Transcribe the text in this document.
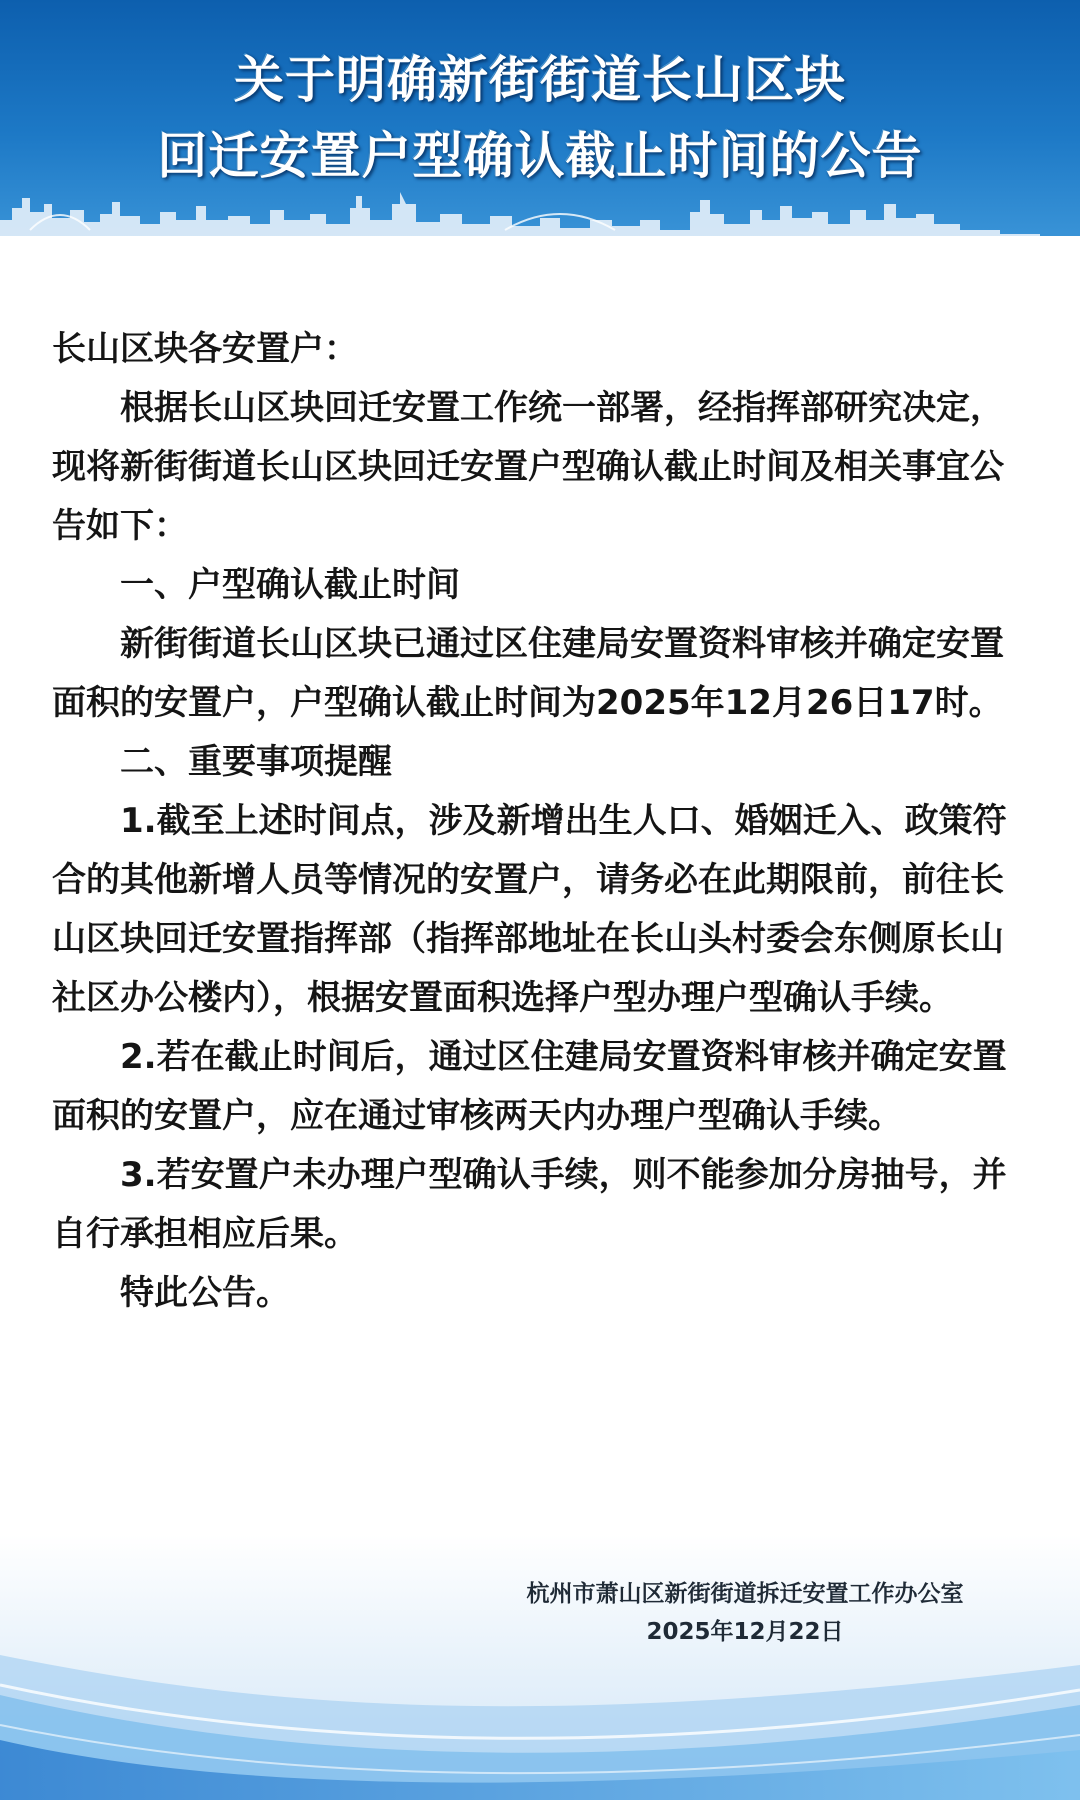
关于明确新街街道长山区块
回迁安置户型确认截止时间的公告

长山区块各安置户：

根据长山区块回迁安置工作统一部署，经指挥部研究决定，现将新街街道长山区块回迁安置户型确认截止时间及相关事宜公告如下：

一、户型确认截止时间

新街街道长山区块已通过区住建局安置资料审核并确定安置面积的安置户，户型确认截止时间为2025年12月26日17时。

二、重要事项提醒

1.截至上述时间点，涉及新增出生人口、婚姻迁入、政策符合的其他新增人员等情况的安置户，请务必在此期限前，前往长山区块回迁安置指挥部（指挥部地址在长山头村委会东侧原长山社区办公楼内），根据安置面积选择户型办理户型确认手续。

2.若在截止时间后，通过区住建局安置资料审核并确定安置面积的安置户，应在通过审核两天内办理户型确认手续。

3.若安置户未办理户型确认手续，则不能参加分房抽号，并自行承担相应后果。

特此公告。

杭州市萧山区新街街道拆迁安置工作办公室
2025年12月22日
